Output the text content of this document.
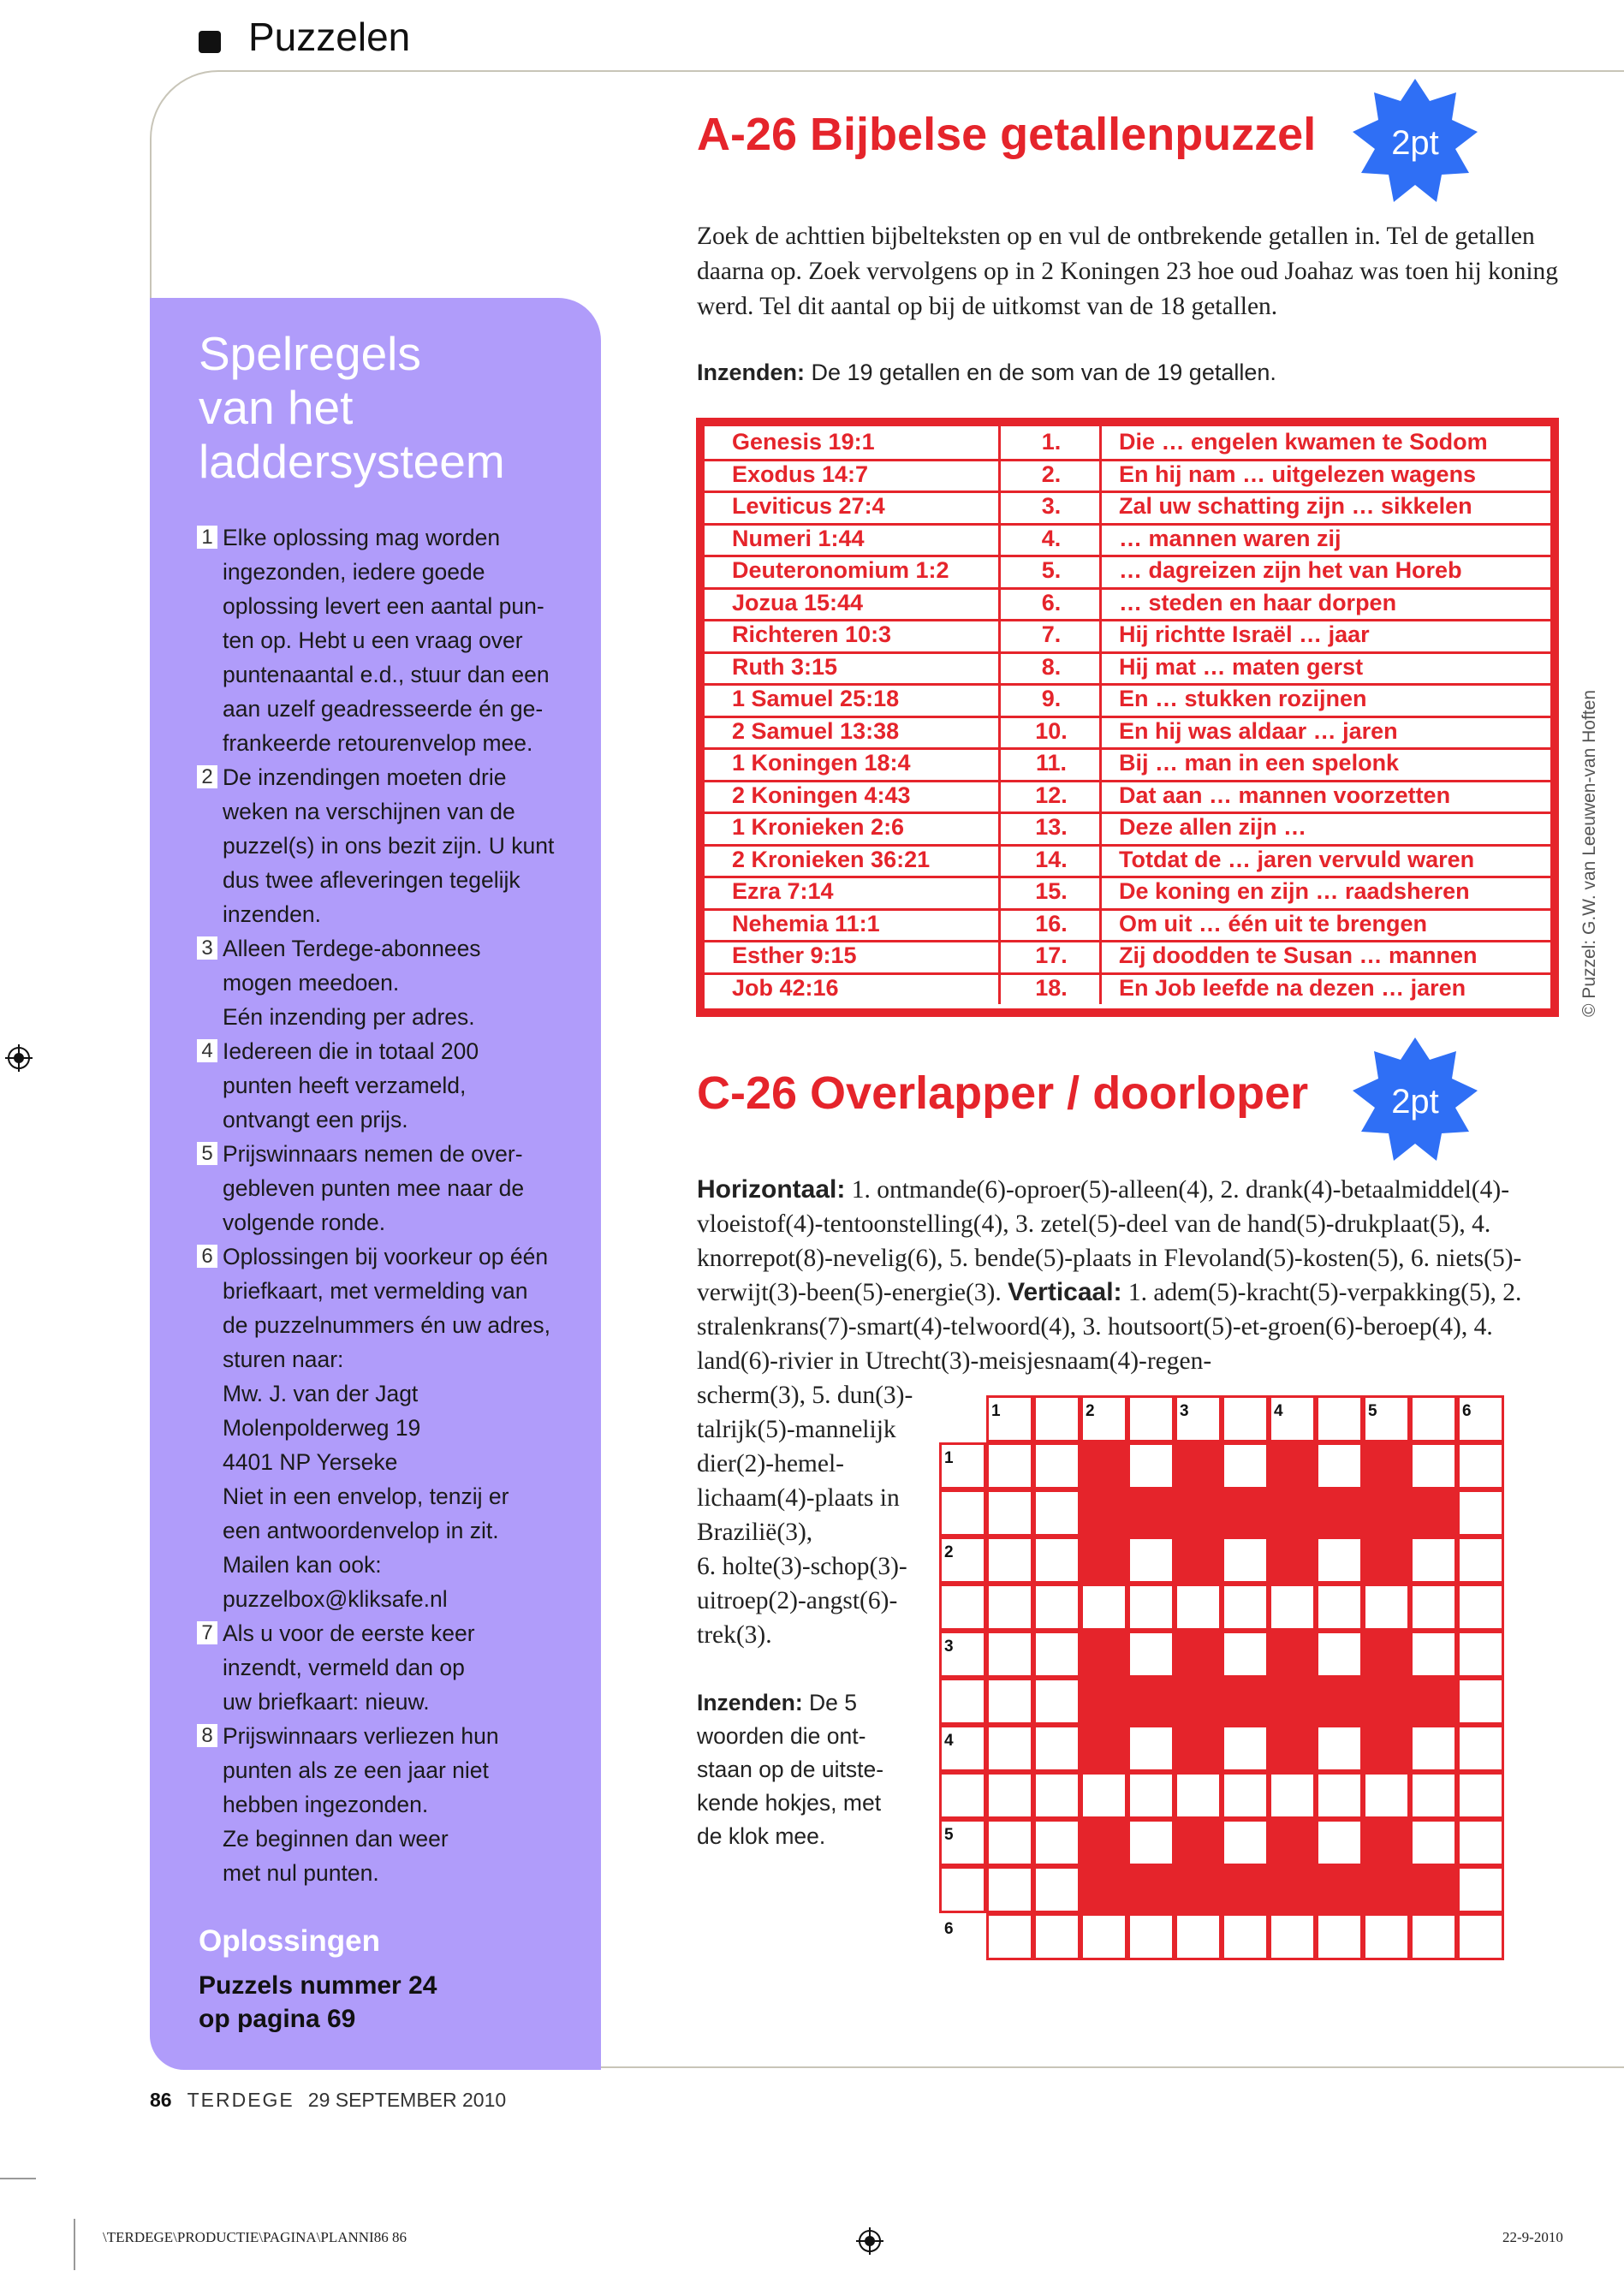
Puzzelen
Spelregels
van het
laddersysteem
1 Elke oplossing mag worden
ingezonden, iedere goede
oplossing levert een aantal pun-
ten op. Hebt u een vraag over
puntenaantal e.d., stuur dan een
aan uzelf geadresseerde én ge-
frankeerde retourenvelop mee.
2 De inzendingen moeten drie
weken na verschijnen van de
puzzel(s) in ons bezit zijn. U kunt
dus twee afleveringen tegelijk
inzenden.
3 Alleen Terdege-abonnees
mogen meedoen.
Eén inzending per adres.
4 Iedereen die in totaal 200
punten heeft verzameld,
ontvangt een prijs.
5 Prijswinnaars nemen de over-
gebleven punten mee naar de
volgende ronde.
6 Oplossingen bij voorkeur op één
briefkaart, met vermelding van
de puzzelnummers én uw adres,
sturen naar:
Mw. J. van der Jagt
Molenpolderweg 19
4401 NP Yerseke
Niet in een envelop, tenzij er
een antwoordenvelop in zit.
Mailen kan ook:
puzzelbox@kliksafe.nl
7 Als u voor de eerste keer
inzendt, vermeld dan op
uw briefkaart: nieuw.
8 Prijswinnaars verliezen hun
punten als ze een jaar niet
hebben ingezonden.
Ze beginnen dan weer
met nul punten.
Oplossingen
Puzzels nummer 24
op pagina 69
A-26 Bijbelse getallenpuzzel 2pt
Zoek de achttien bijbelteksten op en vul de ontbrekende getallen in. Tel de getallen daarna op. Zoek vervolgens op in 2 Koningen 23 hoe oud Joahaz was toen hij koning werd. Tel dit aantal op bij de uitkomst van de 18 getallen.
Inzenden: De 19 getallen en de som van de 19 getallen.
Genesis 19:1	1.	Die … engelen kwamen te Sodom
Exodus 14:7	2.	En hij nam … uitgelezen wagens
Leviticus 27:4	3.	Zal uw schatting zijn … sikkelen
Numeri 1:44	4.	… mannen waren zij
Deuteronomium 1:2	5.	… dagreizen zijn het van Horeb
Jozua 15:44	6.	… steden en haar dorpen
Richteren 10:3	7.	Hij richtte Israël … jaar
Ruth 3:15	8.	Hij mat … maten gerst
1 Samuel 25:18	9.	En … stukken rozijnen
2 Samuel 13:38	10.	En hij was aldaar … jaren
1 Koningen 18:4	11.	Bij … man in een spelonk
2 Koningen 4:43	12.	Dat aan … mannen voorzetten
1 Kronieken 2:6	13.	Deze allen zijn …
2 Kronieken 36:21	14.	Totdat de … jaren vervuld waren
Ezra 7:14	15.	De koning en zijn … raadsheren
Nehemia 11:1	16.	Om uit … één uit te brengen
Esther 9:15	17.	Zij doodden te Susan … mannen
Job 42:16	18.	En Job leefde na dezen … jaren
C-26 Overlapper / doorloper 2pt
Horizontaal: 1. ontmande(6)-oproer(5)-alleen(4), 2. drank(4)-betaalmiddel(4)-vloeistof(4)-tentoonstelling(4), 3. zetel(5)-deel van de hand(5)-drukplaat(5), 4. knorrepot(8)-nevelig(6), 5. bende(5)-plaats in Flevoland(5)-kosten(5), 6. niets(5)-verwijt(3)-been(5)-energie(3). Verticaal: 1. adem(5)-kracht(5)-verpakking(5), 2. stralenkrans(7)-smart(4)-telwoord(4), 3. houtsoort(5)-et-groen(6)-beroep(4), 4. land(6)-rivier in Utrecht(3)-meisjesnaam(4)-regen-
scherm(3), 5. dun(3)-
talrijk(5)-mannelijk
dier(2)-hemel-
lichaam(4)-plaats in
Brazilië(3),
6. holte(3)-schop(3)-
uitroep(2)-angst(6)-
trek(3).
Inzenden: De 5
woorden die ont-
staan op de uitste-
kende hokjes, met
de klok mee.
1	2	3	4	5	6
1
2
3
4
5
6
86 TERDEGE 29 SEPTEMBER 2010
© Puzzel: G.W. van Leeuwen-van Hoften
\TERDEGE\PRODUCTIE\PAGINA\PLANNI86 86	22-9-2010
